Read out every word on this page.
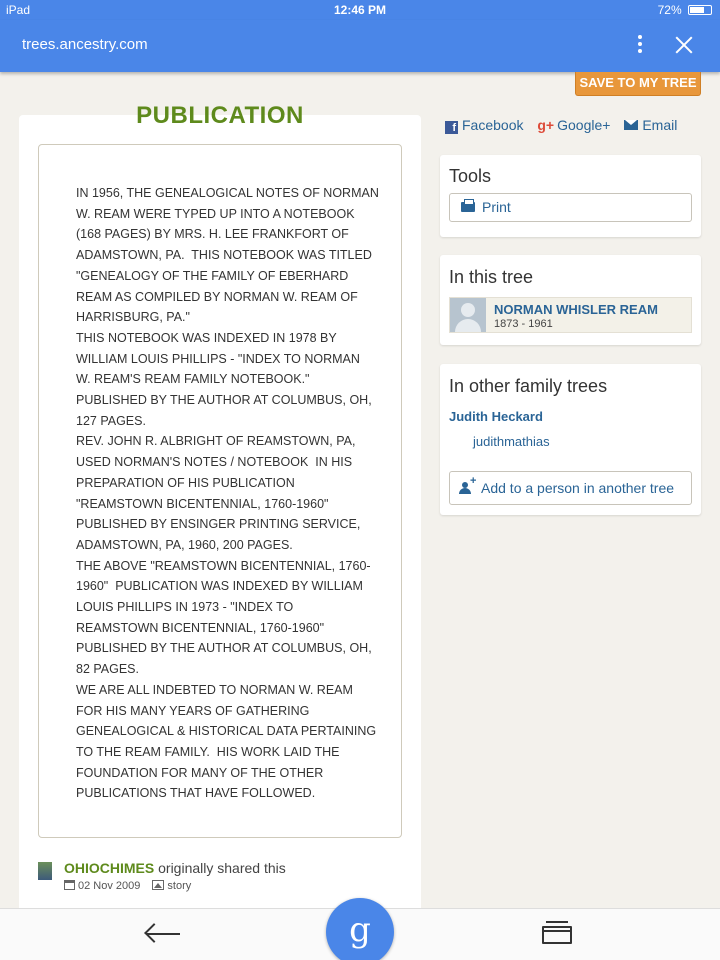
iPad	12:46 PM	72%
trees.ancestry.com
SAVE TO MY TREE
PUBLICATION
IN 1956, THE GENEALOGICAL NOTES OF NORMAN
W. REAM WERE TYPED UP INTO A NOTEBOOK
(168 PAGES) BY MRS. H. LEE FRANKFORT OF
ADAMSTOWN, PA.  THIS NOTEBOOK WAS TITLED
"GENEALOGY OF THE FAMILY OF EBERHARD
REAM AS COMPILED BY NORMAN W. REAM OF
HARRISBURG, PA."
THIS NOTEBOOK WAS INDEXED IN 1978 BY
WILLIAM LOUIS PHILLIPS - "INDEX TO NORMAN
W. REAM'S REAM FAMILY NOTEBOOK."
PUBLISHED BY THE AUTHOR AT COLUMBUS, OH,
127 PAGES.
REV. JOHN R. ALBRIGHT OF REAMSTOWN, PA,
USED NORMAN'S NOTES / NOTEBOOK  IN HIS
PREPARATION OF HIS PUBLICATION
"REAMSTOWN BICENTENNIAL, 1760-1960"
PUBLISHED BY ENSINGER PRINTING SERVICE,
ADAMSTOWN, PA, 1960, 200 PAGES.
THE ABOVE "REAMSTOWN BICENTENNIAL, 1760-
1960"  PUBLICATION WAS INDEXED BY WILLIAM
LOUIS PHILLIPS IN 1973 - "INDEX TO
REAMSTOWN BICENTENNIAL, 1760-1960"
PUBLISHED BY THE AUTHOR AT COLUMBUS, OH,
82 PAGES.
WE ARE ALL INDEBTED TO NORMAN W. REAM
FOR HIS MANY YEARS OF GATHERING
GENEALOGICAL & HISTORICAL DATA PERTAINING
TO THE REAM FAMILY.  HIS WORK LAID THE
FOUNDATION FOR MANY OF THE OTHER
PUBLICATIONS THAT HAVE FOLLOWED.
OHIOCHIMES originally shared this
02 Nov 2009 story
f Facebook g+ Google+ Email
Tools
Print
In this tree
NORMAN WHISLER REAM
1873 - 1961
In other family trees
Judith Heckard
judithmathias
+ Add to a person in another tree
g
